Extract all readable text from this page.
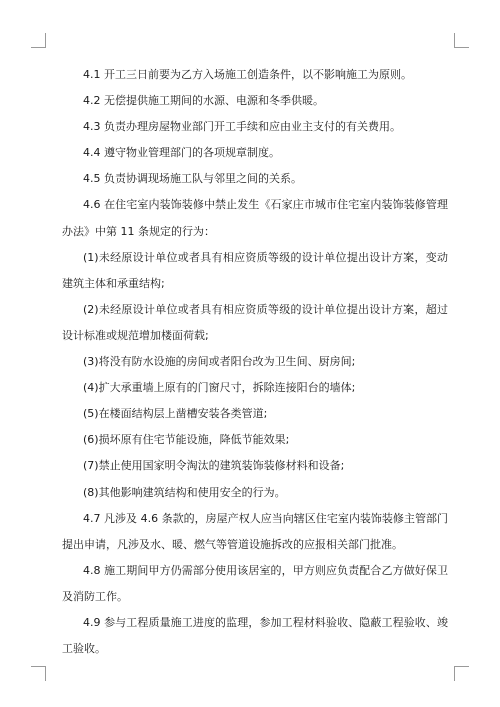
4.1 开工三日前要为乙方入场施工创造条件，以不影响施工为原则。

4.2 无偿提供施工期间的水源、电源和冬季供暖。

4.3 负责办理房屋物业部门开工手续和应由业主支付的有关费用。

4.4 遵守物业管理部门的各项规章制度。

4.5 负责协调现场施工队与邻里之间的关系。

4.6 在住宅室内装饰装修中禁止发生《石家庄市城市住宅室内装饰装修管理办法》中第 11 条规定的行为：

(1)未经原设计单位或者具有相应资质等级的设计单位提出设计方案，变动建筑主体和承重结构;

(2)未经原设计单位或者具有相应资质等级的设计单位提出设计方案，超过设计标准或规范增加楼面荷载;

(3)将没有防水设施的房间或者阳台改为卫生间、厨房间;

(4)扩大承重墙上原有的门窗尺寸，拆除连接阳台的墙体;

(5)在楼面结构层上凿槽安装各类管道;

(6)损坏原有住宅节能设施，降低节能效果;

(7)禁止使用国家明令淘汰的建筑装饰装修材料和设备;

(8)其他影响建筑结构和使用安全的行为。

4.7 凡涉及 4.6 条款的，房屋产权人应当向辖区住宅室内装饰装修主管部门提出申请，凡涉及水、暖、燃气等管道设施拆改的应报相关部门批准。

4.8 施工期间甲方仍需部分使用该居室的，甲方则应负责配合乙方做好保卫及消防工作。

4.9 参与工程质量施工进度的监理，参加工程材料验收、隐蔽工程验收、竣工验收。
